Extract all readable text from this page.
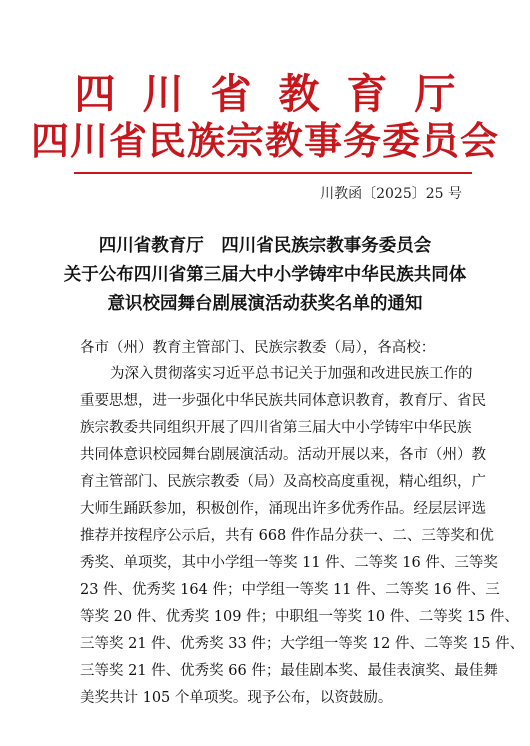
四川省教育厅
四川省民族宗教事务委员会
川教函〔2025〕25 号
四川省教育厅　四川省民族宗教事务委员会
关于公布四川省第三届大中小学铸牢中华民族共同体
意识校园舞台剧展演活动获奖名单的通知
各市（州）教育主管部门、民族宗教委（局），各高校：
为深入贯彻落实习近平总书记关于加强和改进民族工作的
重要思想，进一步强化中华民族共同体意识教育，教育厅、省民
族宗教委共同组织开展了四川省第三届大中小学铸牢中华民族
共同体意识校园舞台剧展演活动。活动开展以来，各市（州）教
育主管部门、民族宗教委（局）及高校高度重视，精心组织，广
大师生踊跃参加，积极创作，涌现出许多优秀作品。经层层评选
推荐并按程序公示后，共有 668 件作品分获一、二、三等奖和优
秀奖、单项奖，其中小学组一等奖 11 件、二等奖 16 件、三等奖
23 件、优秀奖 164 件；中学组一等奖 11 件、二等奖 16 件、三
等奖 20 件、优秀奖 109 件；中职组一等奖 10 件、二等奖 15 件、
三等奖 21 件、优秀奖 33 件；大学组一等奖 12 件、二等奖 15 件、
三等奖 21 件、优秀奖 66 件；最佳剧本奖、最佳表演奖、最佳舞
美奖共计 105 个单项奖。现予公布，以资鼓励。
